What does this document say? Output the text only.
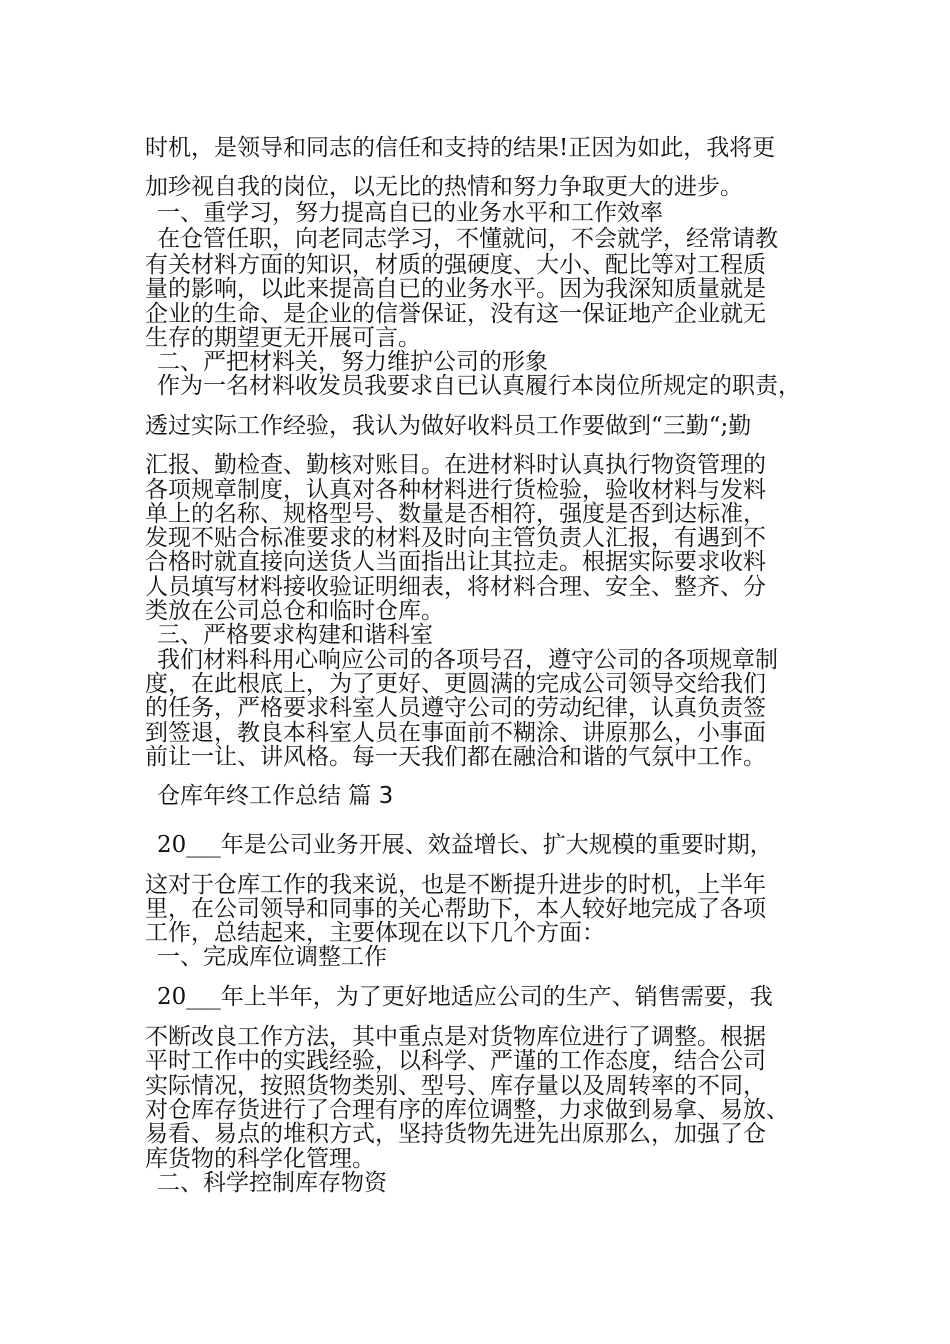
时机，是领导和同志的信任和支持的结果!正因为如此，我将更
加珍视自我的岗位，以无比的热情和努力争取更大的进步。
一、重学习，努力提高自已的业务水平和工作效率
在仓管任职，向老同志学习，不懂就问，不会就学，经常请教
有关材料方面的知识，材质的强硬度、大小、配比等对工程质
量的影响，以此来提高自已的业务水平。因为我深知质量就是
企业的生命、是企业的信誉保证，没有这一保证地产企业就无
生存的期望更无开展可言。
二、严把材料关，努力维护公司的形象
作为一名材料收发员我要求自已认真履行本岗位所规定的职责，
透过实际工作经验，我认为做好收料员工作要做到“三勤“;勤
汇报、勤检查、勤核对账目。在进材料时认真执行物资管理的
各项规章制度，认真对各种材料进行货检验，验收材料与发料
单上的名称、规格型号、数量是否相符，强度是否到达标准，
发现不贴合标准要求的材料及时向主管负责人汇报，有遇到不
合格时就直接向送货人当面指出让其拉走。根据实际要求收料
人员填写材料接收验证明细表，将材料合理、安全、整齐、分
类放在公司总仓和临时仓库。
三、严格要求构建和谐科室
我们材料科用心响应公司的各项号召，遵守公司的各项规章制
度，在此根底上，为了更好、更圆满的完成公司领导交给我们
的任务，严格要求科室人员遵守公司的劳动纪律，认真负责签
到签退，教良本科室人员在事面前不糊涂、讲原那么，小事面
前让一让、讲风格。每一天我们都在融洽和谐的气氛中工作。
仓库年终工作总结 篇 3
20___年是公司业务开展、效益增长、扩大规模的重要时期，
这对于仓库工作的我来说，也是不断提升进步的时机，上半年
里，在公司领导和同事的关心帮助下，本人较好地完成了各项
工作，总结起来，主要体现在以下几个方面：
一、完成库位调整工作
20___年上半年，为了更好地适应公司的生产、销售需要，我
不断改良工作方法，其中重点是对货物库位进行了调整。根据
平时工作中的实践经验，以科学、严谨的工作态度，结合公司
实际情况，按照货物类别、型号、库存量以及周转率的不同，
对仓库存货进行了合理有序的库位调整，力求做到易拿、易放、
易看、易点的堆积方式，坚持货物先进先出原那么，加强了仓
库货物的科学化管理。
二、科学控制库存物资
